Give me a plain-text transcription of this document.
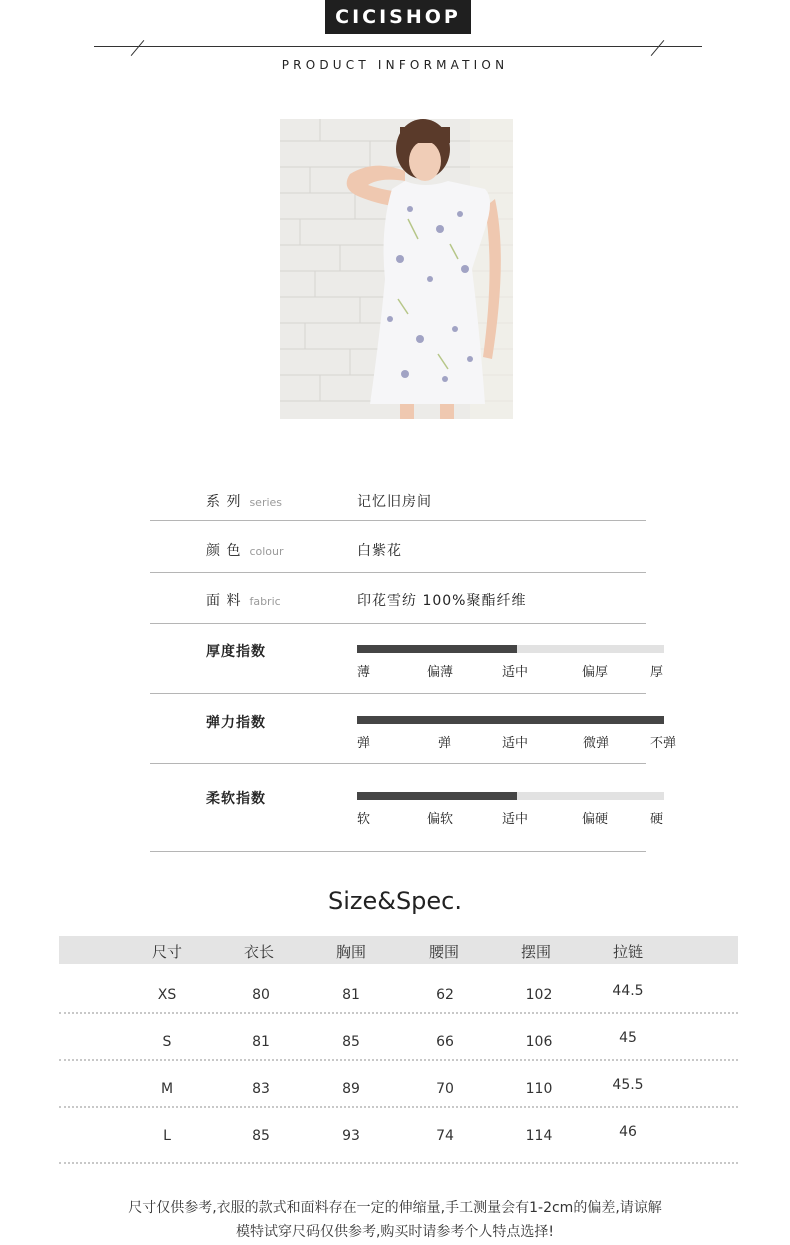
CICISHOP
PRODUCT INFORMATION
系 列 series	记忆旧房间
颜 色 colour	白紫花
面 料 fabric	印花雪纺 100%聚酯纤维
厚度指数
薄	偏薄	适中	偏厚	厚
弹力指数
弹	弹	适中	微弹	不弹
柔软指数
软	偏软	适中	偏硬	硬
Size&Spec.
尺寸	衣长	胸围	腰围	摆围	拉链
XS	80	81	62	102	44.5
S	81	85	66	106	45
M	83	89	70	110	45.5
L	85	93	74	114	46
尺寸仅供参考,衣服的款式和面料存在一定的伸缩量,手工测量会有1-2cm的偏差,请谅解
模特试穿尺码仅供参考,购买时请参考个人特点选择!
